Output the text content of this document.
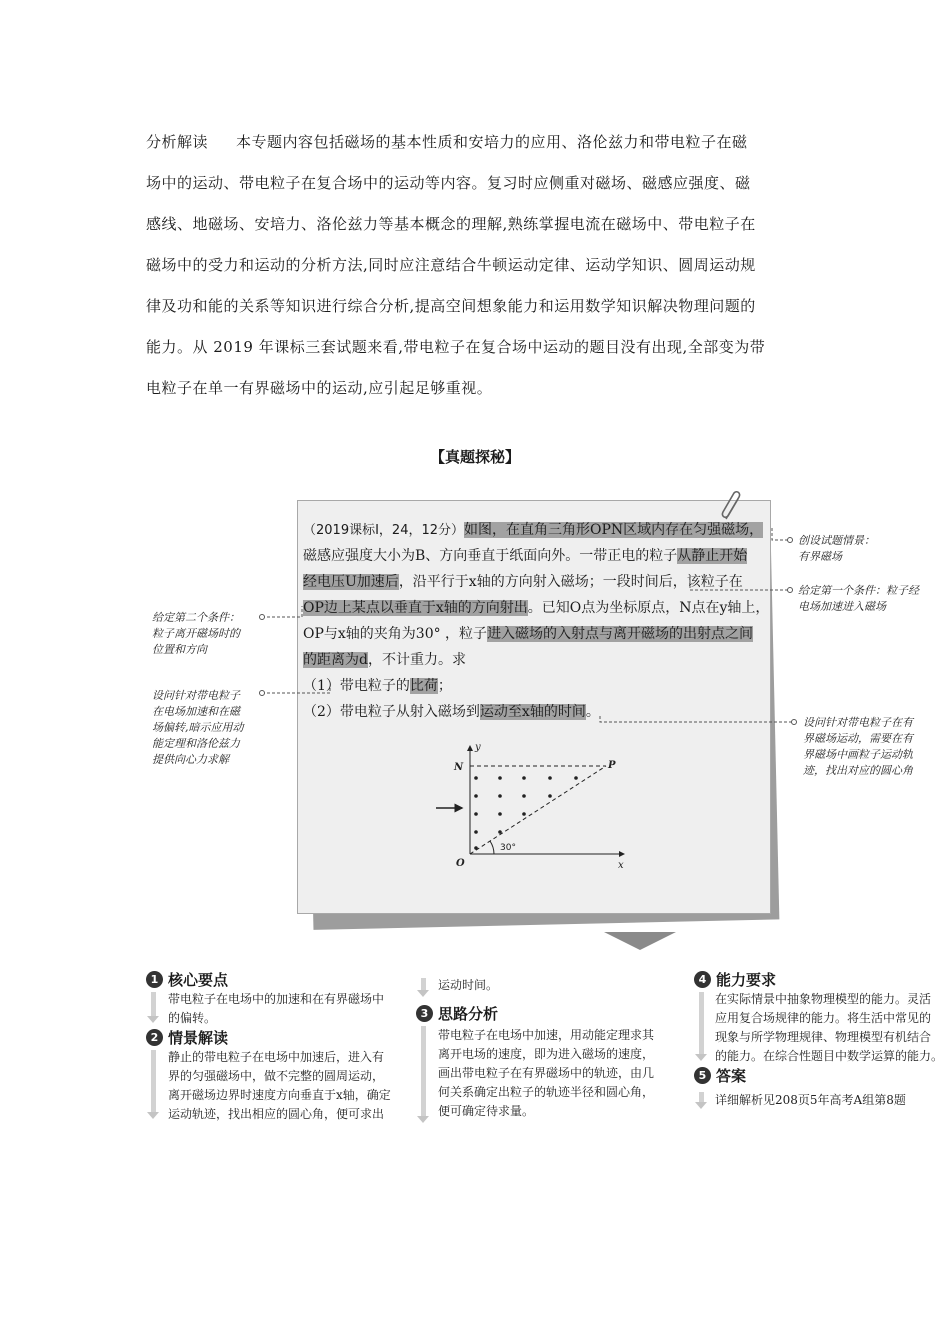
分析解读 本专题内容包括磁场的基本性质和安培力的应用、洛伦兹力和带电粒子在磁
场中的运动、带电粒子在复合场中的运动等内容。复习时应侧重对磁场、磁感应强度、磁
感线、地磁场、安培力、洛伦兹力等基本概念的理解,熟练掌握电流在磁场中、带电粒子在
磁场中的受力和运动的分析方法,同时应注意结合牛顿运动定律、运动学知识、圆周运动规
律及功和能的关系等知识进行综合分析,提高空间想象能力和运用数学知识解决物理问题的
能力。从 2019 年课标三套试题来看,带电粒子在复合场中运动的题目没有出现,全部变为带
电粒子在单一有界磁场中的运动,应引起足够重视。
【真题探秘】
（2019课标Ⅰ，24，12分）如图，在直角三角形OPN区域内存在匀强磁场，
磁感应强度大小为B、方向垂直于纸面向外。一带正电的粒子从静止开始
经电压U加速后，沿平行于x轴的方向射入磁场；一段时间后，该粒子在
OP边上某点以垂直于x轴的方向射出。已知O点为坐标原点，N点在y轴上，
OP与x轴的夹角为30° ，粒子进入磁场的入射点与离开磁场的出射点之间
的距离为d，不计重力。求
（1）带电粒子的比荷；
（2）带电粒子从射入磁场到运动至x轴的时间。
y
x
O
N	P
30°
创设试题情景：
有界磁场
给定第一个条件：粒子经
电场加速进入磁场
给定第二个条件：
粒子离开磁场时的
位置和方向
设问针对带电粒子
在电场加速和在磁
场偏转,暗示应用动
能定理和洛伦兹力
提供向心力求解
设问针对带电粒子在有
界磁场运动，需要在有
界磁场中画粒子运动轨
迹，找出对应的圆心角
1 核心要点
带电粒子在电场中的加速和在有界磁场中
的偏转。
2 情景解读
静止的带电粒子在电场中加速后，进入有
界的匀强磁场中，做不完整的圆周运动，
离开磁场边界时速度方向垂直于x轴，确定
运动轨迹，找出相应的圆心角，便可求出
运动时间。
3 思路分析
带电粒子在电场中加速，用动能定理求其
离开电场的速度，即为进入磁场的速度，
画出带电粒子在有界磁场中的轨迹，由几
何关系确定出粒子的轨迹半径和圆心角，
便可确定待求量。
4 能力要求
在实际情景中抽象物理模型的能力。灵活
应用复合场规律的能力。将生活中常见的
现象与所学物理规律、物理模型有机结合
的能力。在综合性题目中数学运算的能力。
5 答案
详细解析见208页5年高考A组第8题
